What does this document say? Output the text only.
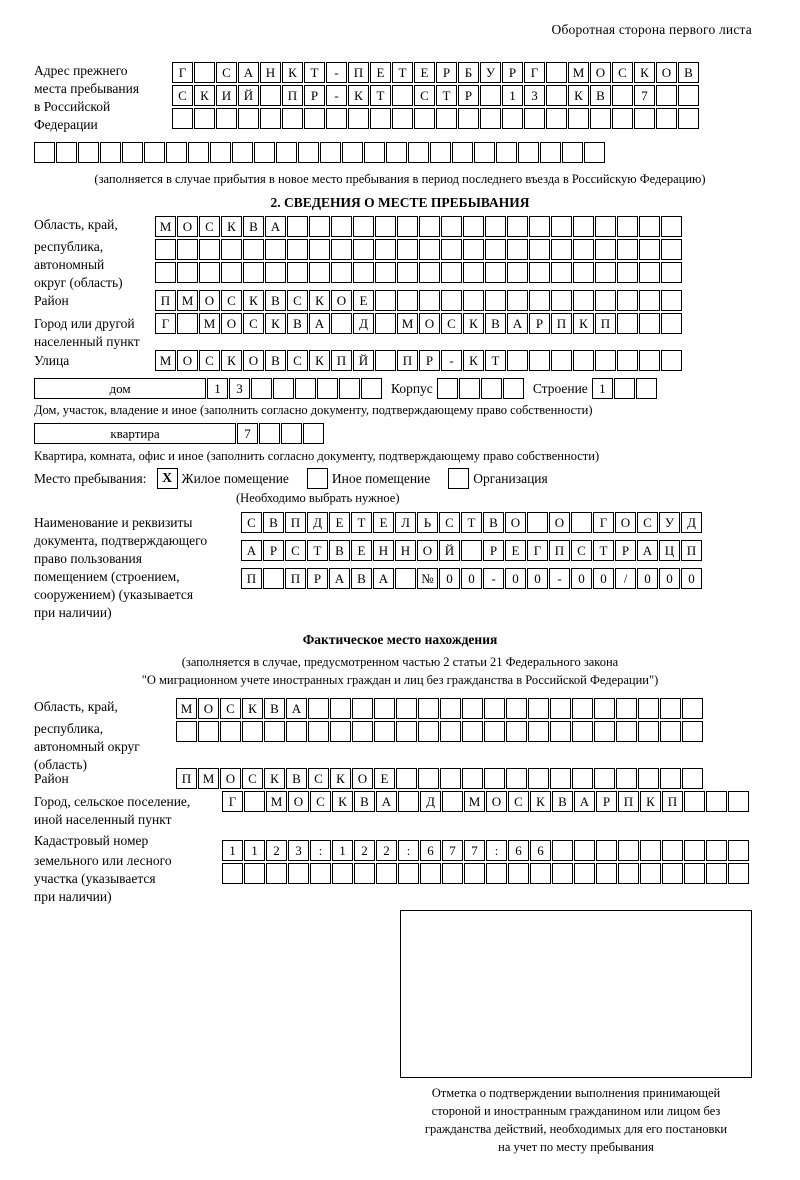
Оборотная сторона первого листа
Адрес прежнего
места пребывания
в Российской
Федерации
Г	С А Н К	Т	-	П	Е	Т	Е	Р	Б	У	Р	Г	М О С	К О В
С	К И Й	П	Р	-	К	Т	С	Т	Р	1	3	К	В	7
(заполняется в случае прибытия в новое место пребывания в период последнего въезда в Российскую Федерацию)
2. СВЕДЕНИЯ О МЕСТЕ ПРЕБЫВАНИЯ
Область, край,
республика,
автономный
округ (область)
М О С	К	В А
Район	П М О С	К	В	С	К О	Е
Город или другой
населенный пункт
Г	М О С	К	В А	Д	М О С	К	В А	Р	П К П
Улица	М О С	К О В	С	К П Й	П	Р	-	К	Т
дом	1	3	Корпус	Строение 1
Дом, участок, владение и иное (заполнить согласно документу, подтверждающему право собственности)
квартира	7
Квартира, комната, офис и иное (заполнить согласно документу, подтверждающему право собственности)
Место пребывания:	X Жилое помещение	Иное помещение	Организация
(Необходимо выбрать нужное)
Наименование и реквизиты
документа, подтверждающего
право пользования
помещением (строением,
сооружением) (указывается
при наличии)
С	В П Д	Е	Т	Е	Л	Ь	С	Т	В О	О	Г	О С	У Д
А	Р	С	Т	В	Е	Н Н О Й	Р	Е	Г	П С	Т	Р	А Ц П
П	П	Р	А В А	№ 0	0	-	0	0	-	0	0	/	0	0	0
Фактическое место нахождения
(заполняется в случае, предусмотренном частью 2 статьи 21 Федерального закона
"О миграционном учете иностранных граждан и лиц без гражданства в Российской Федерации")
Область, край,
республика,
автономный округ
(область)
М О С	К	В А
Район	П М О С	К	В	С	К О	Е
Город, сельское поселение,
иной населенный пункт
Г	М О С	К	В А	Д	М О С	К	В А	Р	П К П
Кадастровый номер
земельного или лесного
участка (указывается
при наличии)
1	1	2	3	:	1	2	2	:	6	7	7	:	6	6
Отметка о подтверждении выполнения принимающей
стороной и иностранным гражданином или лицом без
гражданства действий, необходимых для его постановки
на учет по месту пребывания
